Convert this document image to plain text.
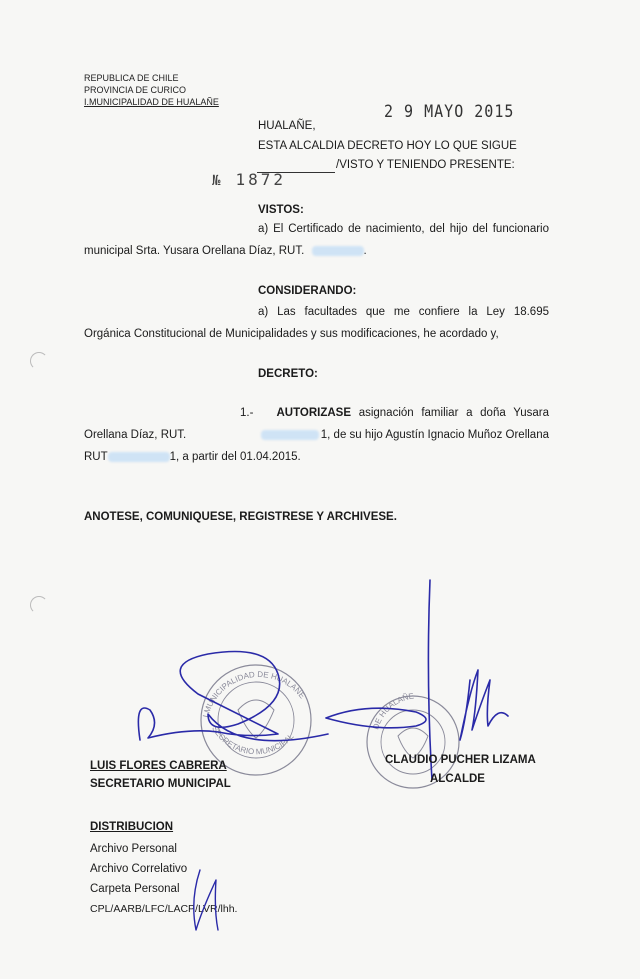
REPUBLICA DE CHILE
PROVINCIA DE CURICO
I.MUNICIPALIDAD DE HUALAÑE	2 9 MAYO 2015
HUALAÑE,
ESTA ALCALDIA DECRETO HOY LO QUE SIGUE
/VISTO Y TENIENDO PRESENTE:
№ 1872
VISTOS:
a) El Certificado de nacimiento, del hijo del funcionario
municipal Srta. Yusara Orellana Díaz, RUT.	.
CONSIDERANDO:
a) Las facultades que me confiere la Ley 18.695
Orgánica Constitucional de Municipalidades y sus modificaciones, he acordado y,
DECRETO:
1.- AUTORIZASE asignación familiar a doña Yusara
Orellana Díaz, RUT.	1, de su hijo Agustín Ignacio Muñoz Orellana
RUT	1, a partir del 01.04.2015.
ANOTESE, COMUNIQUESE, REGISTRESE Y ARCHIVESE.
I.MUNICIPALIDAD DE HUALAÑE
SECRETARIO MUNICIPAL
DE HUALAÑE
LUIS FLORES CABRERA
SECRETARIO MUNICIPAL
CLAUDIO PUCHER LIZAMA
ALCALDE
DISTRIBUCION
Archivo Personal
Archivo Correlativo
Carpeta Personal
CPL/AARB/LFC/LACP/LVR/lhh.
